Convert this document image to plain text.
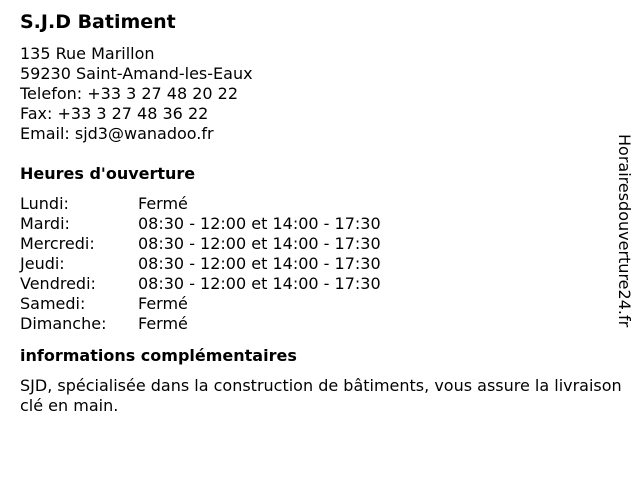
S.J.D Batiment
135 Rue Marillon
59230 Saint-Amand-les-Eaux
Telefon: +33 3 27 48 20 22
Fax: +33 3 27 48 36 22
Email: sjd3@wanadoo.fr
Heures d'ouverture
Lundi:	Fermé
Mardi:	08:30 - 12:00 et 14:00 - 17:30
Mercredi:	08:30 - 12:00 et 14:00 - 17:30
Jeudi:	08:30 - 12:00 et 14:00 - 17:30
Vendredi:	08:30 - 12:00 et 14:00 - 17:30
Samedi:	Fermé
Dimanche:	Fermé
informations complémentaires
SJD, spécialisée dans la construction de bâtiments, vous assure la livraison clé en main.
Horairesdouverture24.fr
